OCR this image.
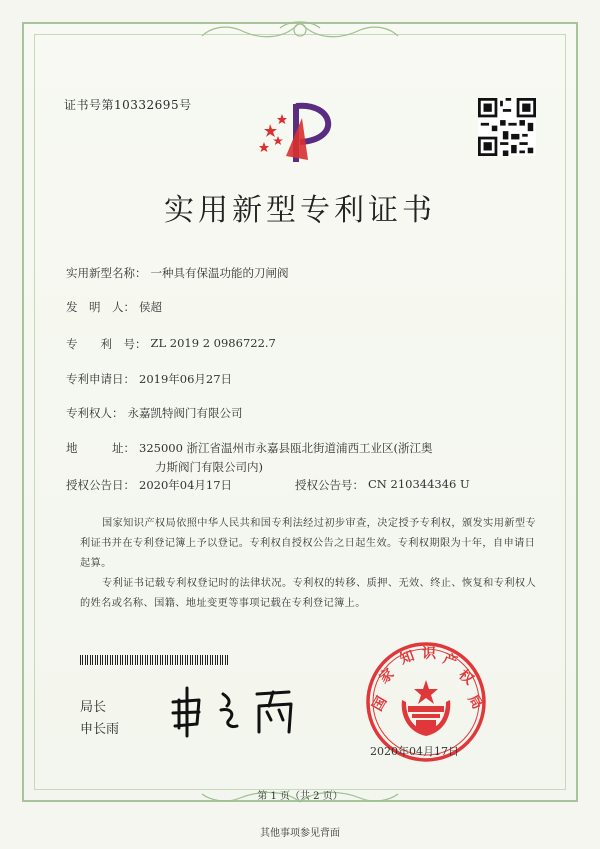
证书号第10332695号
实用新型专利证书
实用新型名称： 一种具有保温功能的刀闸阀
发　明　人： 侯超
专　　利　号： ZL 2019 2 0986722.7
专利申请日： 2019年06月27日
专利权人： 永嘉凯特阀门有限公司
地　　　址： 325000 浙江省温州市永嘉县瓯北街道浦西工业区(浙江奥
力斯阀门有限公司内)
授权公告日： 2020年04月17日	授权公告号： CN 210344346 U
国家知识产权局依照中华人民共和国专利法经过初步审查，决定授予专利权，颁发实用新型专利证书并在专利登记簿上予以登记。专利权自授权公告之日起生效。专利权期限为十年，自申请日起算。
专利证书记载专利权登记时的法律状况。专利权的转移、质押、无效、终止、恢复和专利权人的姓名或名称、国籍、地址变更等事项记载在专利登记簿上。
局长
申长雨
国
家
知 识 产
权
局
2020年04月17日
第 1 页（共 2 页）
其他事项参见背面
